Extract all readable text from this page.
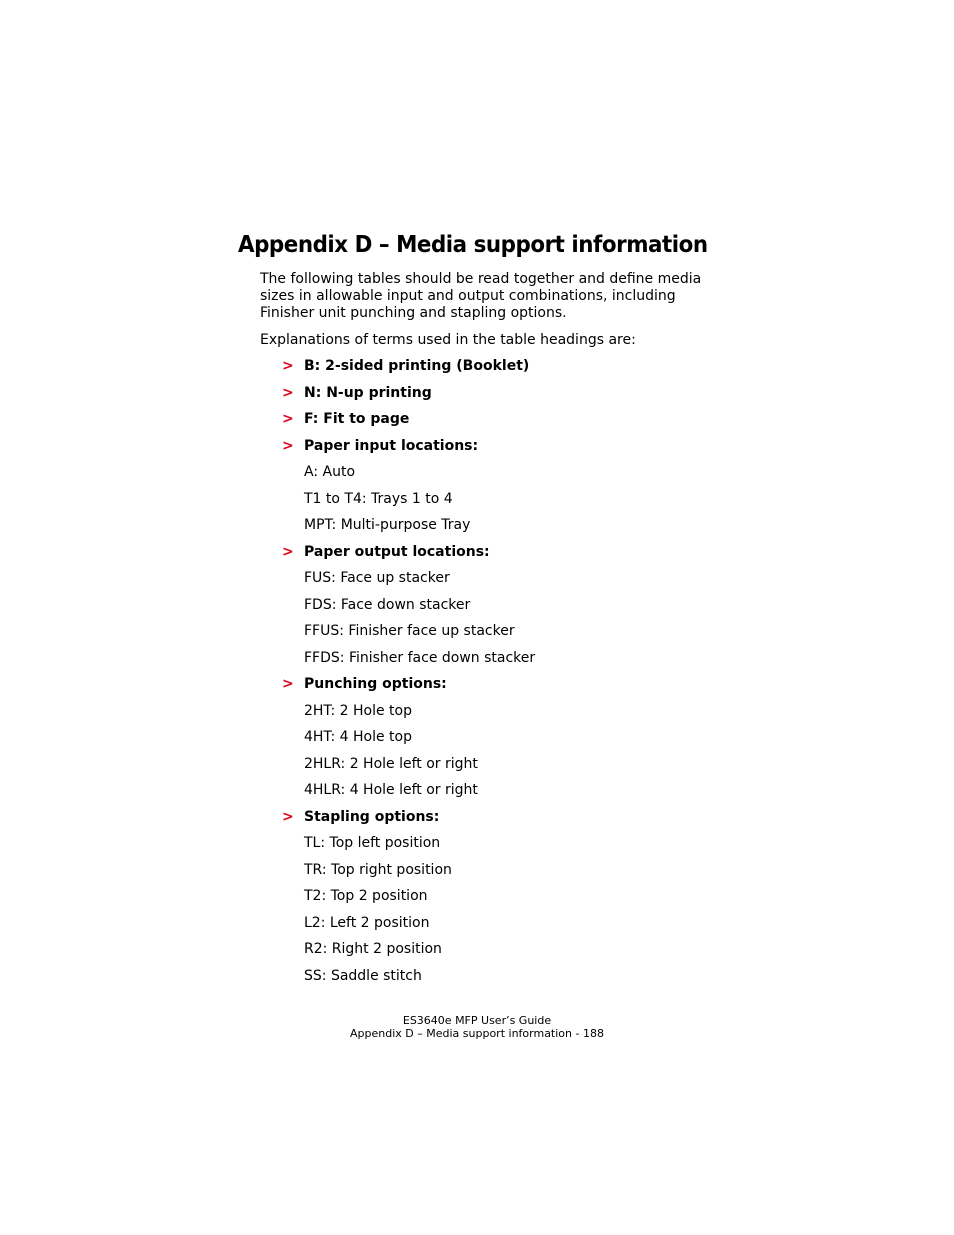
Appendix D – Media support information

The following tables should be read together and define media sizes in allowable input and output combinations, including Finisher unit punching and stapling options.

Explanations of terms used in the table headings are:

> B: 2-sided printing (Booklet)
> N: N-up printing
> F: Fit to page
> Paper input locations:
A: Auto
T1 to T4: Trays 1 to 4
MPT: Multi-purpose Tray
> Paper output locations:
FUS: Face up stacker
FDS: Face down stacker
FFUS: Finisher face up stacker
FFDS: Finisher face down stacker
> Punching options:
2HT: 2 Hole top
4HT: 4 Hole top
2HLR: 2 Hole left or right
4HLR: 4 Hole left or right
> Stapling options:
TL: Top left position
TR: Top right position
T2: Top 2 position
L2: Left 2 position
R2: Right 2 position
SS: Saddle stitch

ES3640e MFP User’s Guide

Appendix D – Media support information - 188
